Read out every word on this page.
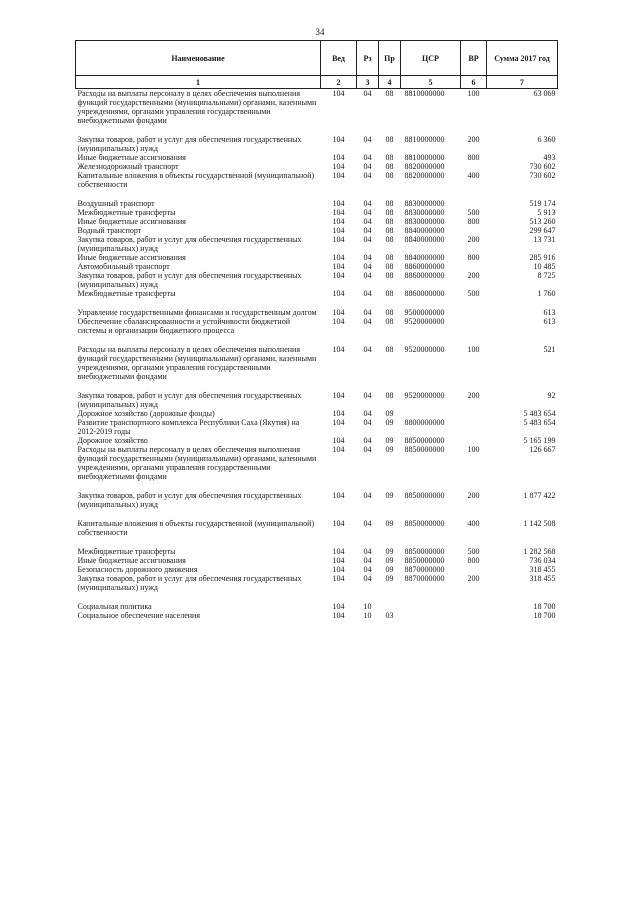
34
Наименование	Вед	Рз	Пр	ЦСР	ВР	Сумма 2017 год
1	2	3	4	5	6	7
Расходы на выплаты персоналу в целях обеспечения выполнения функций государственными (муниципальными) органами, казенными учреждениями, органами управления государственными внебюджетными фондами	104	04	08	8810000000	100	63 069

Закупка товаров, работ и услуг для обеспечения государственных (муниципальных) нужд	104	04	08	8810000000	200	6 360
Иные бюджетные ассигнования	104	04	08	8810000000	800	493
Железнодорожный транспорт	104	04	08	8820000000		730 602
Капитальные вложения в объекты государственной (муниципальной) собственности	104	04	08	8820000000	400	730 602

Воздушный транспорт	104	04	08	8830000000		519 174
Межбюджетные трансферты	104	04	08	8830000000	500	5 913
Иные бюджетные ассигнования	104	04	08	8830000000	800	513 260
Водный транспорт	104	04	08	8840000000		299 647
Закупка товаров, работ и услуг для обеспечения государственных (муниципальных) нужд	104	04	08	8840000000	200	13 731
Иные бюджетные ассигнования	104	04	08	8840000000	800	285 916
Автомобильный транспорт	104	04	08	8860000000		10 485
Закупка товаров, работ и услуг для обеспечения государственных (муниципальных) нужд	104	04	08	8860000000	200	8 725
Межбюджетные трансферты	104	04	08	8860000000	500	1 760

Управление государственными финансами и государственным долгом	104	04	08	9500000000		613
Обеспечение сбалансированности и устойчивости бюджетной системы и организации бюджетного процесса	104	04	08	9520000000		613

Расходы на выплаты персоналу в целях обеспечения выполнения функций государственными (муниципальными) органами, казенными учреждениями, органами управления государственными внебюджетными фондами	104	04	08	9520000000	100	521

Закупка товаров, работ и услуг для обеспечения государственных (муниципальных) нужд	104	04	08	9520000000	200	92
Дорожное хозяйство (дорожные фонды)	104	04	09			5 483 654
Развитие транспортного комплекса Республики Саха (Якутия) на 2012-2019 годы	104	04	09	8800000000		5 483 654
Дорожное хозяйство	104	04	09	8850000000		5 165 199
Расходы на выплаты персоналу в целях обеспечения выполнения функций государственными (муниципальными) органами, казенными учреждениями, органами управления государственными внебюджетными фондами	104	04	09	8850000000	100	126 667

Закупка товаров, работ и услуг для обеспечения государственных (муниципальных) нужд	104	04	09	8850000000	200	1 877 422

Капитальные вложения в объекты государственной (муниципальной) собственности	104	04	09	8850000000	400	1 142 508

Межбюджетные трансферты	104	04	09	8850000000	500	1 282 568
Иные бюджетные ассигнования	104	04	09	8850000000	800	736 034
Безопасность дорожного движения	104	04	09	8870000000		318 455
Закупка товаров, работ и услуг для обеспечения государственных (муниципальных) нужд	104	04	09	8870000000	200	318 455

Социальная политика	104	10				18 700
Социальное обеспечение населения	104	10	03			18 700
